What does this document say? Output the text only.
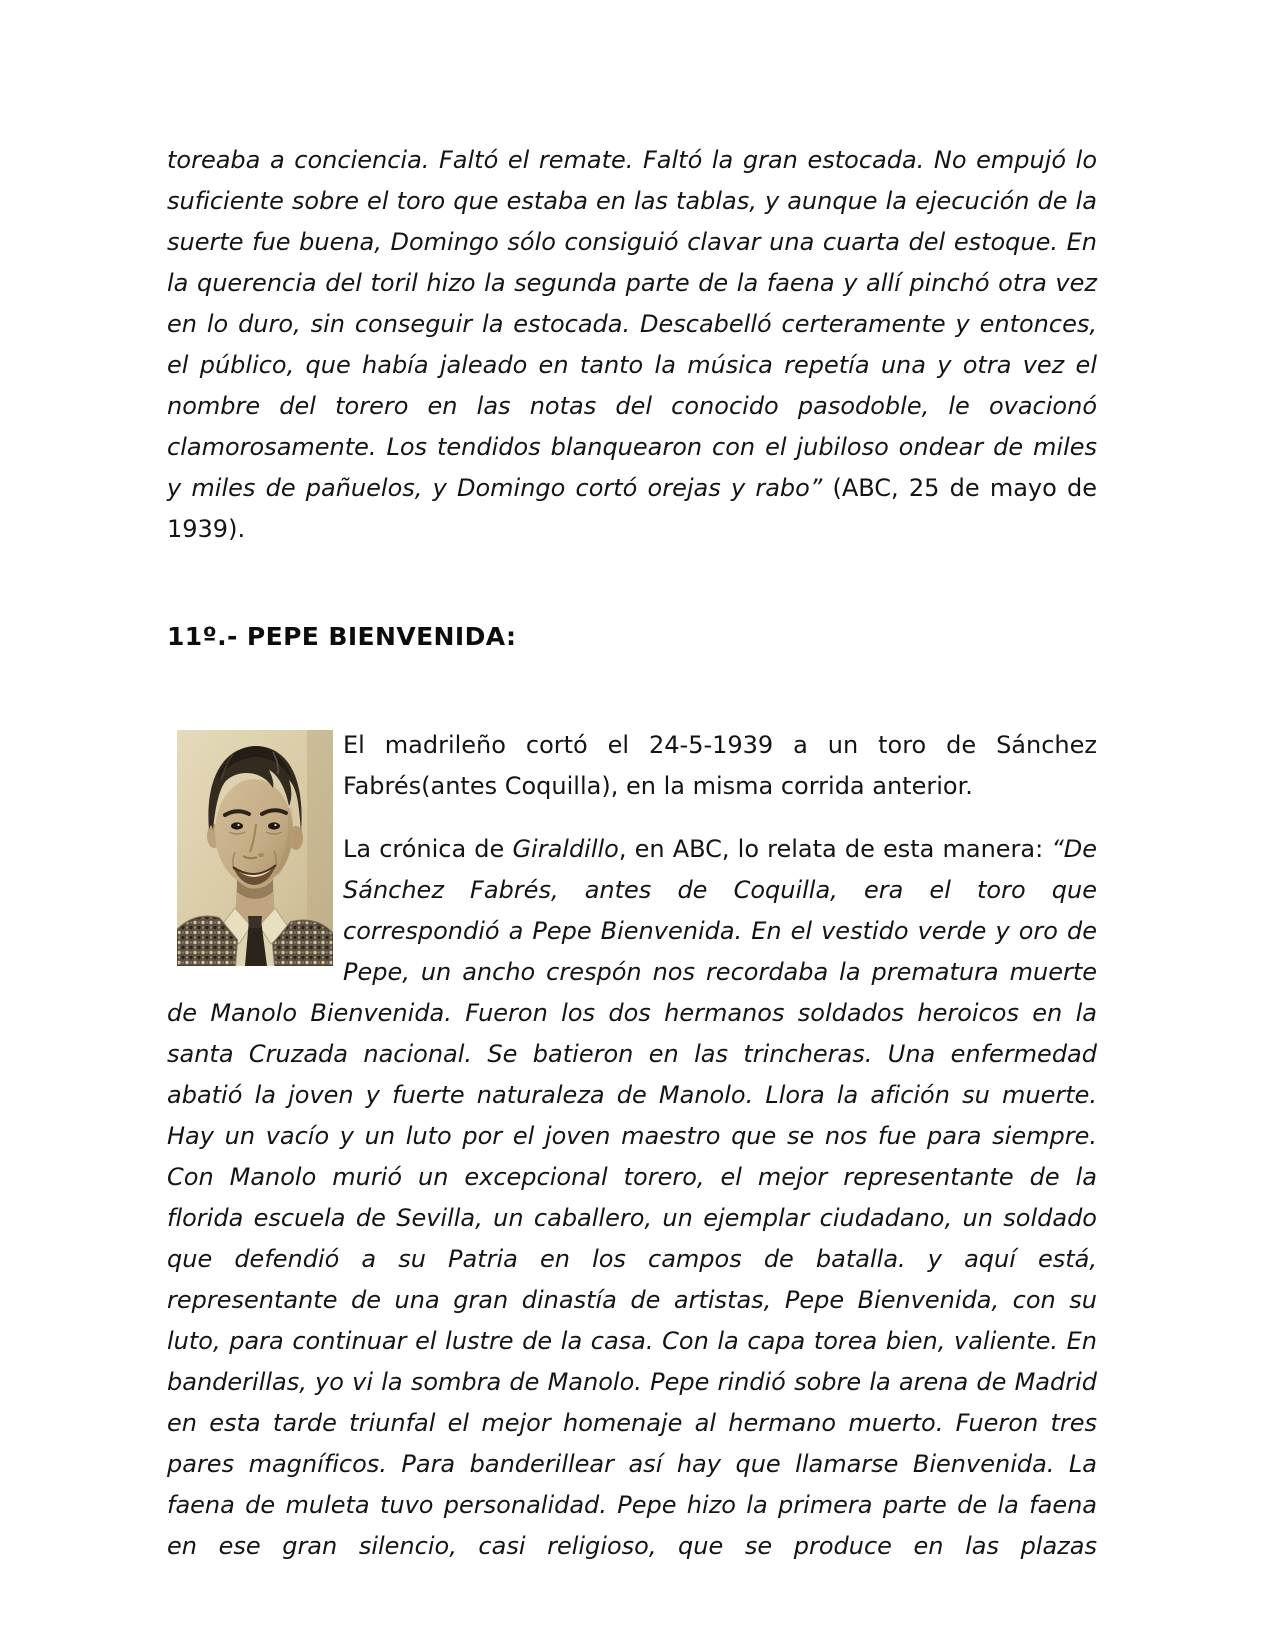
toreaba a conciencia. Faltó el remate. Faltó la gran estocada. No empujó lo suficiente sobre el toro que estaba en las tablas, y aunque la ejecución de la suerte fue buena, Domingo sólo consiguió clavar una cuarta del estoque. En la querencia del toril hizo la segunda parte de la faena y allí pinchó otra vez en lo duro, sin conseguir la estocada. Descabelló certeramente y entonces, el público, que había jaleado en tanto la música repetía una y otra vez el nombre del torero en las notas del conocido pasodoble, le ovacionó clamorosamente. Los tendidos blanquearon con el jubiloso ondear de miles y miles de pañuelos, y Domingo cortó orejas y rabo” (ABC, 25 de mayo de 1939).

11º.- PEPE BIENVENIDA:

El madrileño cortó el 24-5-1939 a un toro de Sánchez Fabrés(antes Coquilla), en la misma corrida anterior.

La crónica de Giraldillo, en ABC, lo relata de esta manera: “De Sánchez Fabrés, antes de Coquilla, era el toro que correspondió a Pepe Bienvenida. En el vestido verde y oro de Pepe, un ancho crespón nos recordaba la prematura muerte de Manolo Bienvenida. Fueron los dos hermanos soldados heroicos en la santa Cruzada nacional. Se batieron en las trincheras. Una enfermedad abatió la joven y fuerte naturaleza de Manolo. Llora la afición su muerte. Hay un vacío y un luto por el joven maestro que se nos fue para siempre. Con Manolo murió un excepcional torero, el mejor representante de la florida escuela de Sevilla, un caballero, un ejemplar ciudadano, un soldado que defendió a su Patria en los campos de batalla. y aquí está, representante de una gran dinastía de artistas, Pepe Bienvenida, con su luto, para continuar el lustre de la casa. Con la capa torea bien, valiente. En banderillas, yo vi la sombra de Manolo. Pepe rindió sobre la arena de Madrid en esta tarde triunfal el mejor homenaje al hermano muerto. Fueron tres pares magníficos. Para banderillear así hay que llamarse Bienvenida. La faena de muleta tuvo personalidad. Pepe hizo la primera parte de la faena en ese gran silencio, casi religioso, que se produce en las plazas
